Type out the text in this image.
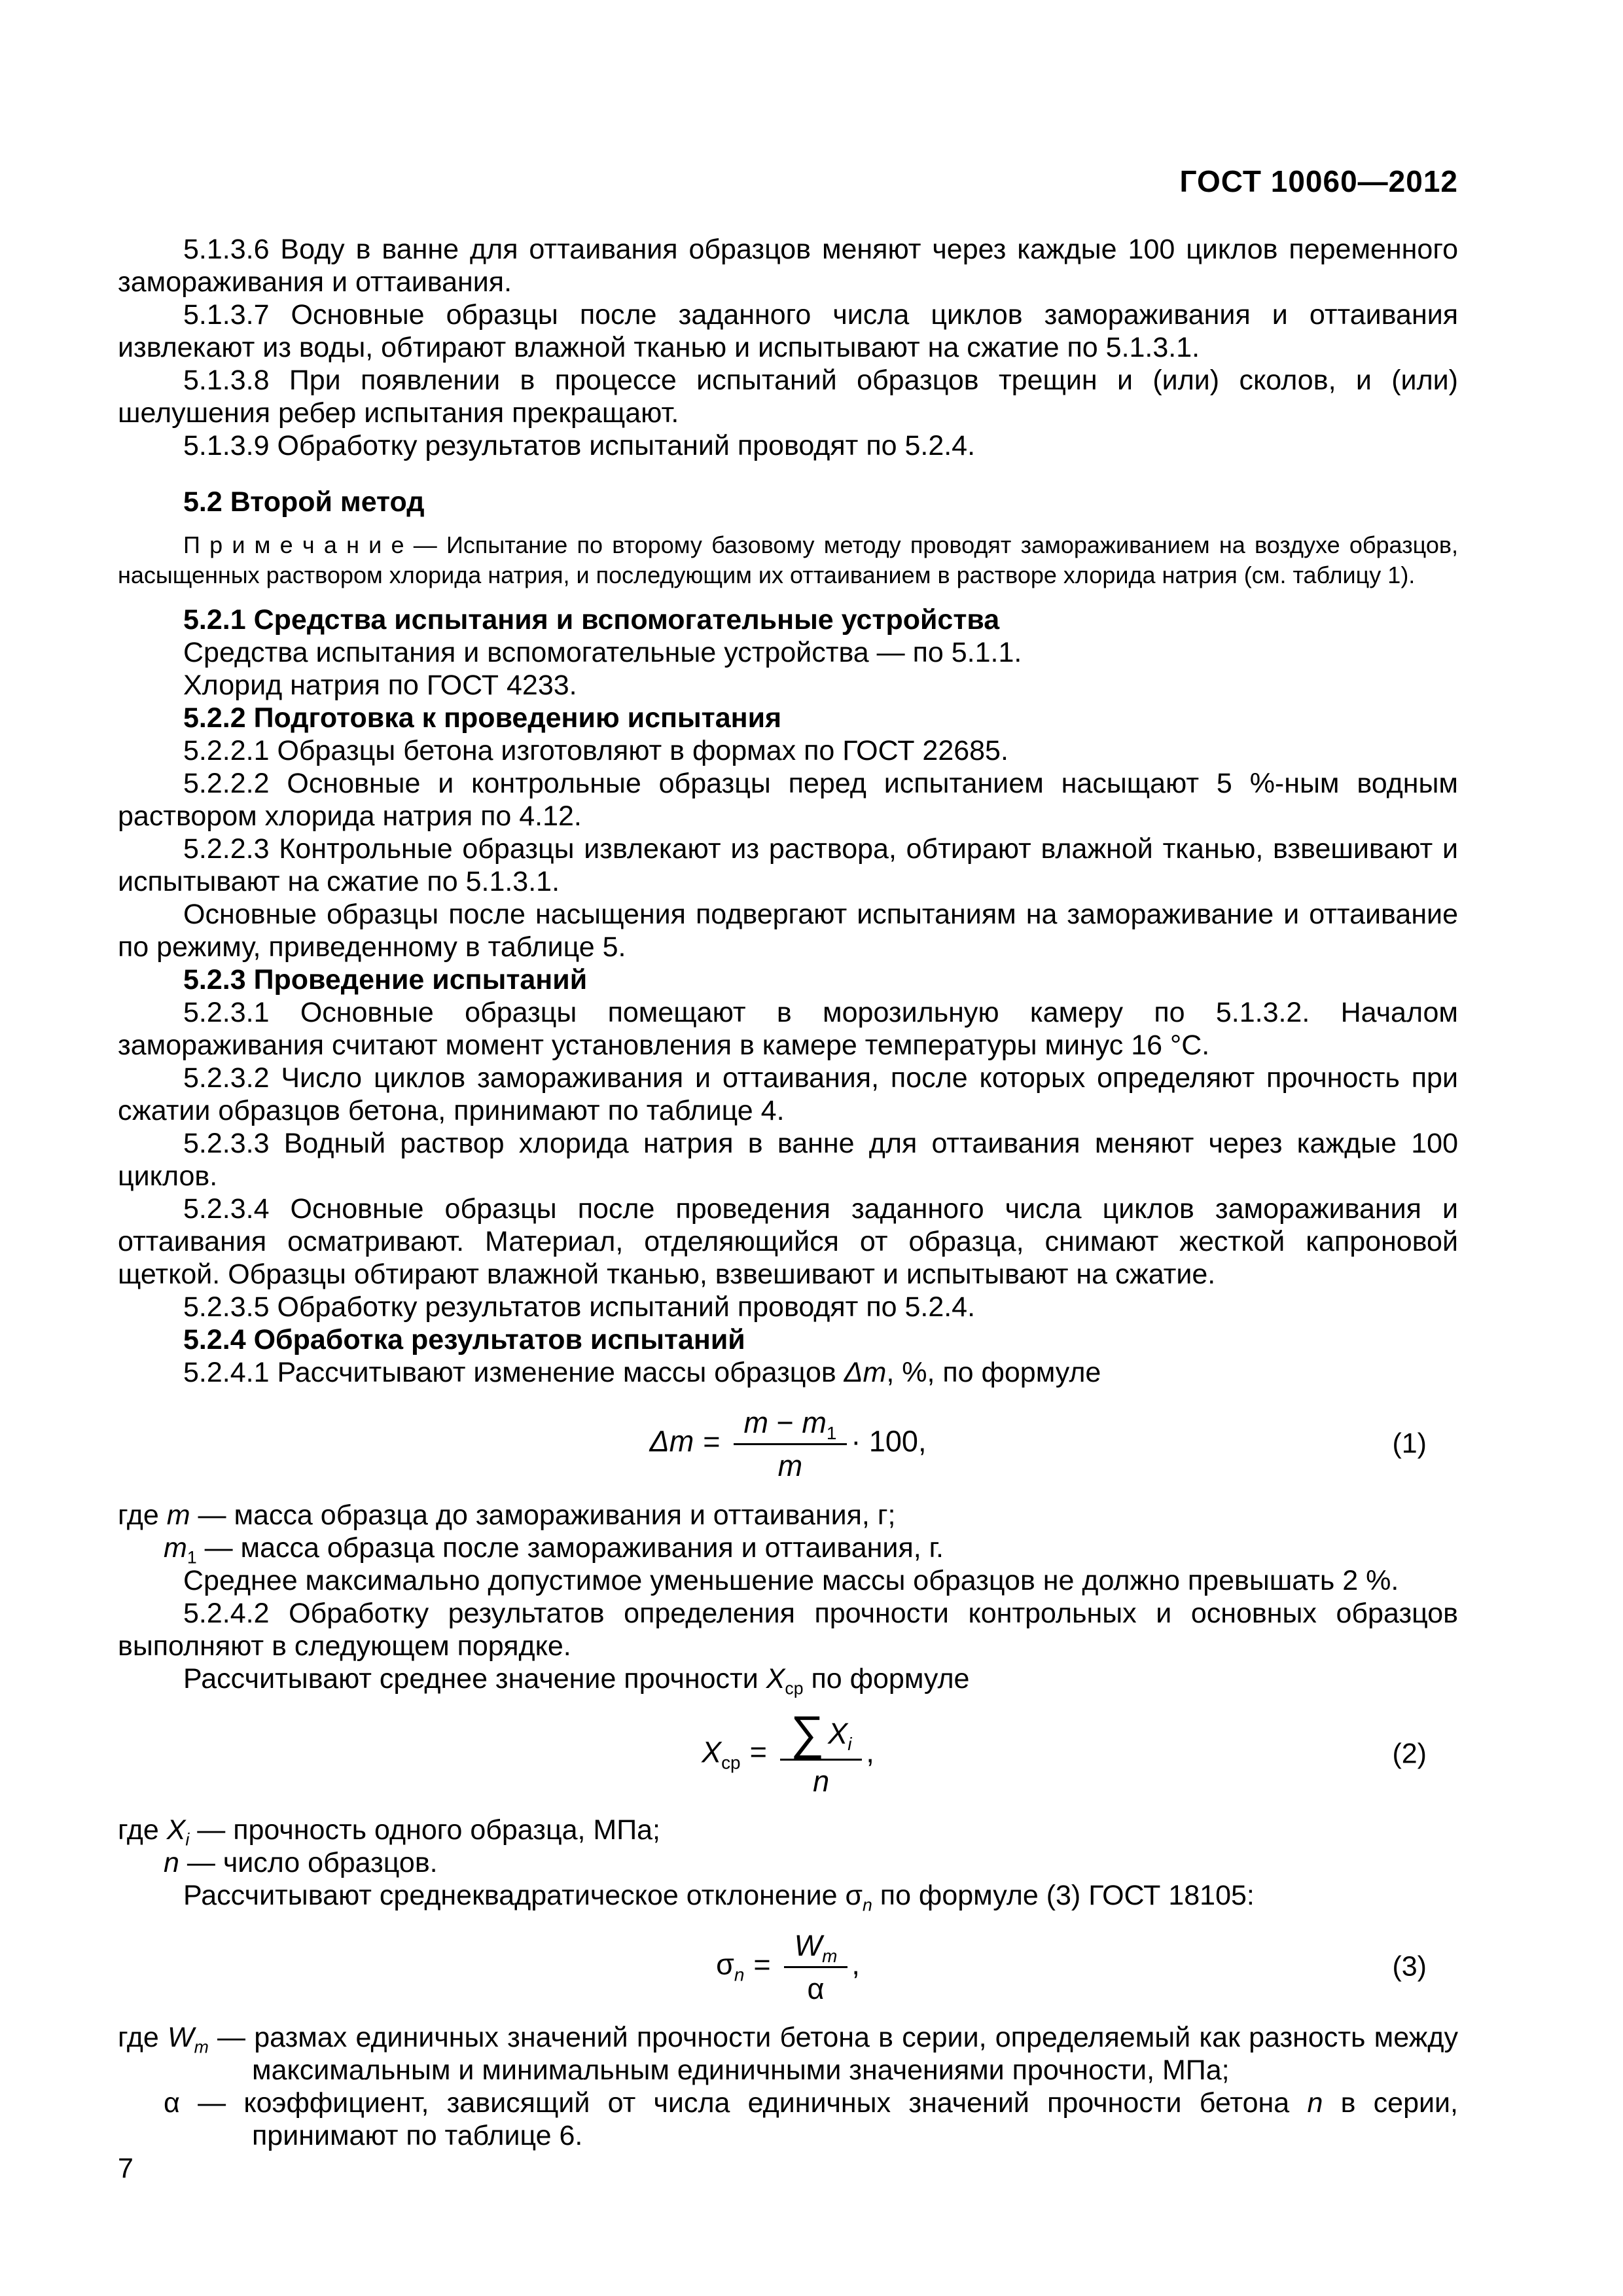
ГОСТ 10060—2012

5.1.3.6 Воду в ванне для оттаивания образцов меняют через каждые 100 циклов переменного замораживания и оттаивания.

5.1.3.7 Основные образцы после заданного числа циклов замораживания и оттаивания извлекают из воды, обтирают влажной тканью и испытывают на сжатие по 5.1.3.1.

5.1.3.8 При появлении в процессе испытаний образцов трещин и (или) сколов, и (или) шелушения ребер испытания прекращают.

5.1.3.9 Обработку результатов испытаний проводят по 5.2.4.

5.2 Второй метод

П р и м е ч а н и е — Испытание по второму базовому методу проводят замораживанием на воздухе образцов, насыщенных раствором хлорида натрия, и последующим их оттаиванием в растворе хлорида натрия (см. таблицу 1).

5.2.1 Средства испытания и вспомогательные устройства

Средства испытания и вспомогательные устройства — по 5.1.1.

Хлорид натрия по ГОСТ 4233.

5.2.2 Подготовка к проведению испытания

5.2.2.1 Образцы бетона изготовляют в формах по ГОСТ 22685.

5.2.2.2 Основные и контрольные образцы перед испытанием насыщают 5 %-ным водным раствором хлорида натрия по 4.12.

5.2.2.3 Контрольные образцы извлекают из раствора, обтирают влажной тканью, взвешивают и испытывают на сжатие по 5.1.3.1.

Основные образцы после насыщения подвергают испытаниям на замораживание и оттаивание по режиму, приведенному в таблице 5.

5.2.3 Проведение испытаний

5.2.3.1 Основные образцы помещают в морозильную камеру по 5.1.3.2. Началом замораживания считают момент установления в камере температуры минус 16 °С.

5.2.3.2 Число циклов замораживания и оттаивания, после которых определяют прочность при сжатии образцов бетона, принимают по таблице 4.

5.2.3.3 Водный раствор хлорида натрия в ванне для оттаивания меняют через каждые 100 циклов.

5.2.3.4 Основные образцы после проведения заданного числа циклов замораживания и оттаивания осматривают. Материал, отделяющийся от образца, снимают жесткой капроновой щеткой. Образцы обтирают влажной тканью, взвешивают и испытывают на сжатие.

5.2.3.5 Обработку результатов испытаний проводят по 5.2.4.

5.2.4 Обработка результатов испытаний

5.2.4.1 Рассчитывают изменение массы образцов Δm, %, по формуле

$\Delta m = \frac{m - m_1}{m} \cdot 100$,	(1)

где m — масса образца до замораживания и оттаивания, г;

$m_1$ — масса образца после замораживания и оттаивания, г.

Среднее максимально допустимое уменьшение массы образцов не должно превышать 2 %.

5.2.4.2 Обработку результатов определения прочности контрольных и основных образцов выполняют в следующем порядке.

Рассчитывают среднее значение прочности $X_{ср}$ по формуле

$X_{ср} = \frac{\sum X_i}{n}$ ,	(2)

где $X_i$ — прочность одного образца, МПа;

n — число образцов.

Рассчитывают среднеквадратическое отклонение $\sigma_n$ по формуле (3) ГОСТ 18105:

$\sigma_n = \frac{W_m}{\alpha}$ ,	(3)

где $W_m$ — размах единичных значений прочности бетона в серии, определяемый как разность между максимальным и минимальным единичными значениями прочности, МПа;

α — коэффициент, зависящий от числа единичных значений прочности бетона n в серии, принимают по таблице 6.

7
